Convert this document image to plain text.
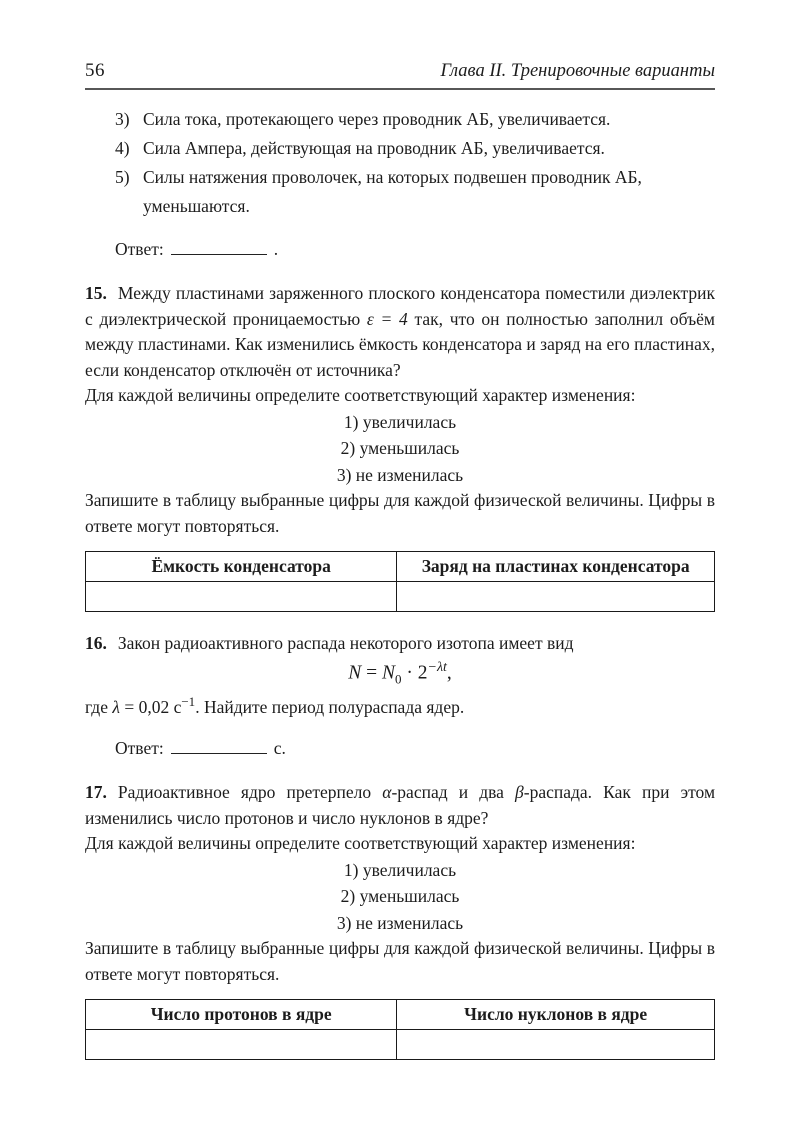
56	Глава II. Тренировочные варианты
3) Сила тока, протекающего через проводник АБ, увеличивается.
4) Сила Ампера, действующая на проводник АБ, увеличивается.
5) Силы натяжения проволочек, на которых подвешен проводник АБ, уменьшаются.
Ответ:	.

15. Между пластинами заряженного плоского конденсатора поместили диэлектрик с диэлектрической проницаемостью ε = 4 так, что он полностью заполнил объём между пластинами. Как изменились ёмкость конденсатора и заряд на его пластинах, если конденсатор отключён от источника?

Для каждой величины определите соответствующий характер изменения:

1) увеличилась
2) уменьшилась
3) не изменилась

Запишите в таблицу выбранные цифры для каждой физической величины. Цифры в ответе могут повторяться.

Ёмкость конденсатора	Заряд на пластинах конденсатора

16. Закон радиоактивного распада некоторого изотопа имеет вид

$N = N_0 \cdot 2^{-\lambda t}$,

где λ = 0,02 $с^{-1}$. Найдите период полураспада ядер.

Ответ:	с.

17. Радиоактивное ядро претерпело α-распад и два β-распада. Как при этом изменились число протонов и число нуклонов в ядре?

Для каждой величины определите соответствующий характер изменения:

1) увеличилась
2) уменьшилась
3) не изменилась

Запишите в таблицу выбранные цифры для каждой физической величины. Цифры в ответе могут повторяться.

Число протонов в ядре	Число нуклонов в ядре
